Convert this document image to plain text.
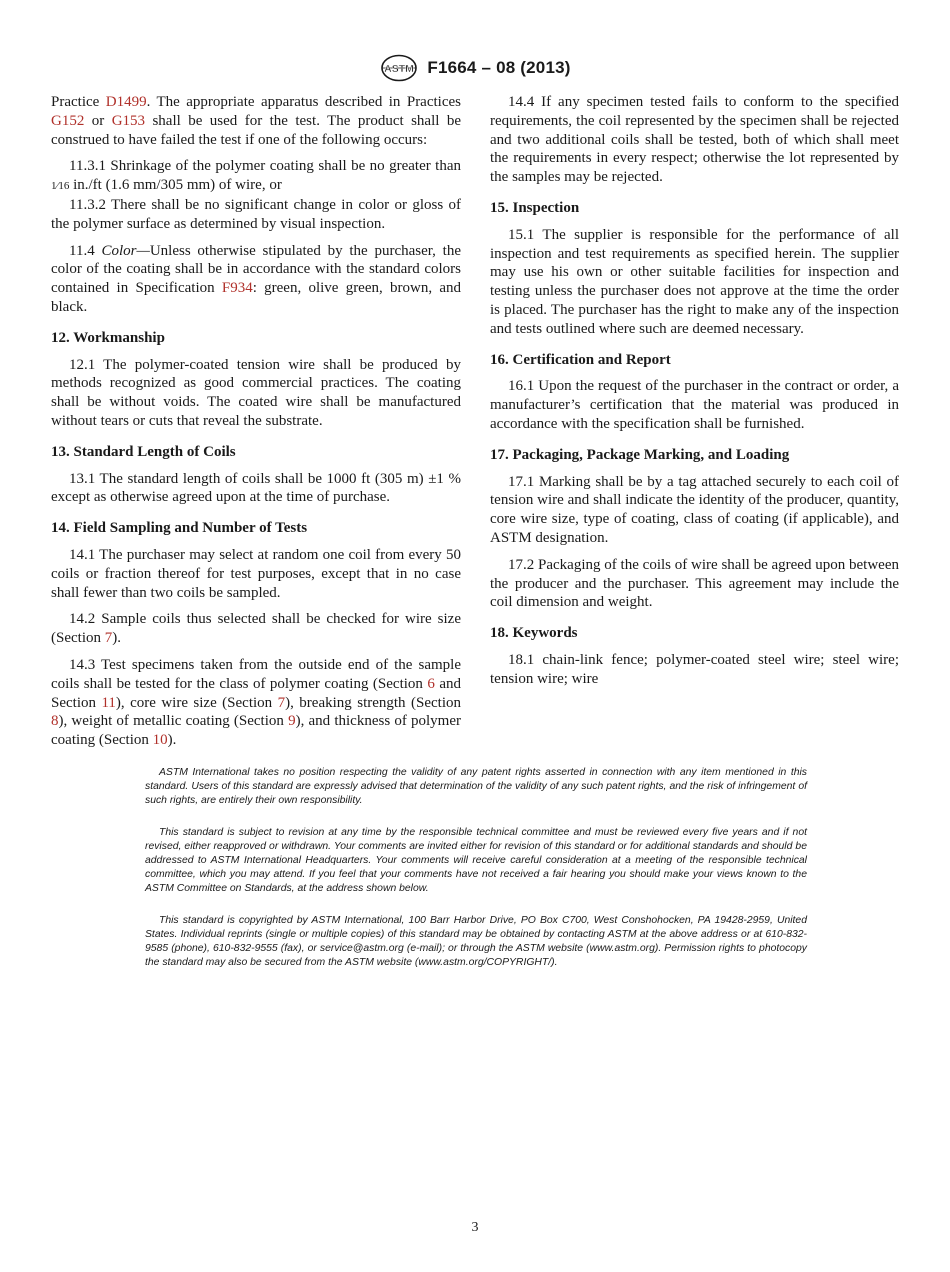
ASTM F1664 – 08 (2013)

Practice D1499. The appropriate apparatus described in Practices G152 or G153 shall be used for the test. The product shall be construed to have failed the test if one of the following occurs:

11.3.1 Shrinkage of the polymer coating shall be no greater than 1⁄16 in./ft (1.6 mm/305 mm) of wire, or

11.3.2 There shall be no significant change in color or gloss of the polymer surface as determined by visual inspection.

11.4 Color—Unless otherwise stipulated by the purchaser, the color of the coating shall be in accordance with the standard colors contained in Specification F934: green, olive green, brown, and black.

12. Workmanship

12.1 The polymer-coated tension wire shall be produced by methods recognized as good commercial practices. The coating shall be without voids. The coated wire shall be manufactured without tears or cuts that reveal the substrate.

13. Standard Length of Coils

13.1 The standard length of coils shall be 1000 ft (305 m) ±1 % except as otherwise agreed upon at the time of purchase.

14. Field Sampling and Number of Tests

14.1 The purchaser may select at random one coil from every 50 coils or fraction thereof for test purposes, except that in no case shall fewer than two coils be sampled.

14.2 Sample coils thus selected shall be checked for wire size (Section 7).

14.3 Test specimens taken from the outside end of the sample coils shall be tested for the class of polymer coating (Section 6 and Section 11), core wire size (Section 7), breaking strength (Section 8), weight of metallic coating (Section 9), and thickness of polymer coating (Section 10).

14.4 If any specimen tested fails to conform to the specified requirements, the coil represented by the specimen shall be rejected and two additional coils shall be tested, both of which shall meet the requirements in every respect; otherwise the lot represented by the samples may be rejected.

15. Inspection

15.1 The supplier is responsible for the performance of all inspection and test requirements as specified herein. The supplier may use his own or other suitable facilities for inspection and testing unless the purchaser does not approve at the time the order is placed. The purchaser has the right to make any of the inspection and tests outlined where such are deemed necessary.

16. Certification and Report

16.1 Upon the request of the purchaser in the contract or order, a manufacturer’s certification that the material was produced in accordance with the specification shall be furnished.

17. Packaging, Package Marking, and Loading

17.1 Marking shall be by a tag attached securely to each coil of tension wire and shall indicate the identity of the producer, quantity, core wire size, type of coating, class of coating (if applicable), and ASTM designation.

17.2 Packaging of the coils of wire shall be agreed upon between the producer and the purchaser. This agreement may include the coil dimension and weight.

18. Keywords

18.1 chain-link fence; polymer-coated steel wire; steel wire; tension wire; wire

ASTM International takes no position respecting the validity of any patent rights asserted in connection with any item mentioned in this standard. Users of this standard are expressly advised that determination of the validity of any such patent rights, and the risk of infringement of such rights, are entirely their own responsibility.

This standard is subject to revision at any time by the responsible technical committee and must be reviewed every five years and if not revised, either reapproved or withdrawn. Your comments are invited either for revision of this standard or for additional standards and should be addressed to ASTM International Headquarters. Your comments will receive careful consideration at a meeting of the responsible technical committee, which you may attend. If you feel that your comments have not received a fair hearing you should make your views known to the ASTM Committee on Standards, at the address shown below.

This standard is copyrighted by ASTM International, 100 Barr Harbor Drive, PO Box C700, West Conshohocken, PA 19428-2959, United States. Individual reprints (single or multiple copies) of this standard may be obtained by contacting ASTM at the above address or at 610-832-9585 (phone), 610-832-9555 (fax), or service@astm.org (e-mail); or through the ASTM website (www.astm.org). Permission rights to photocopy the standard may also be secured from the ASTM website (www.astm.org/COPYRIGHT/).

3
